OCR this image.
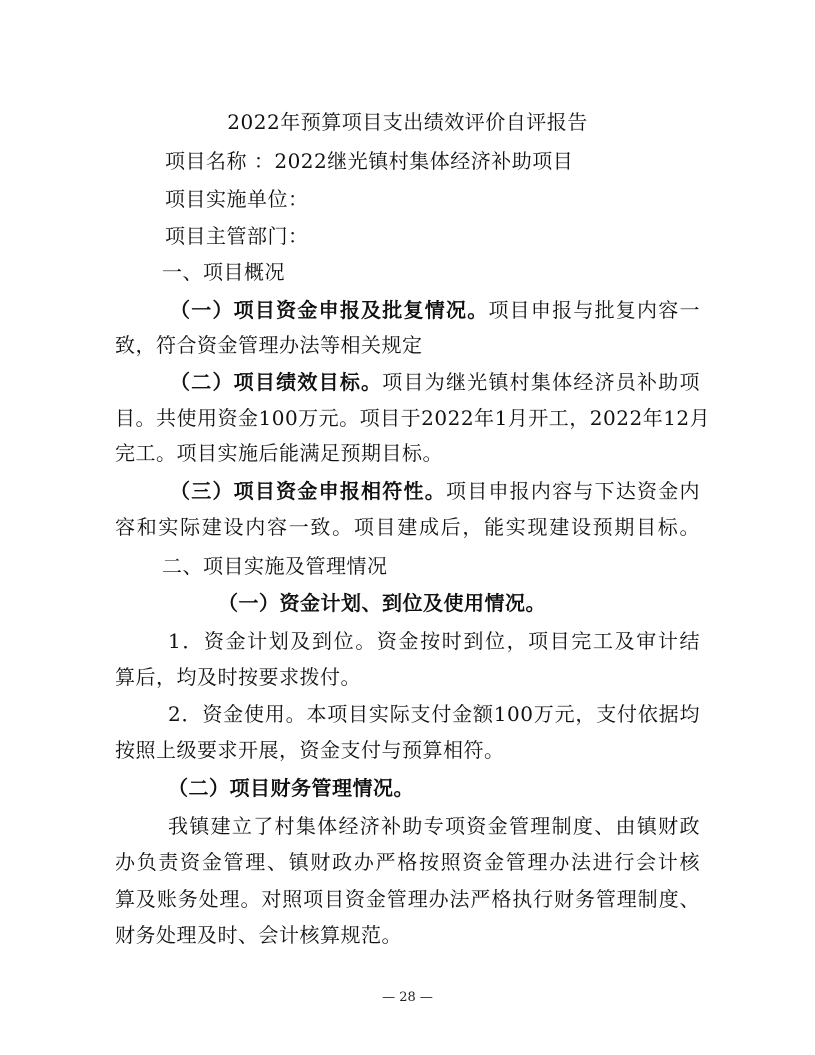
2022年预算项目支出绩效评价自评报告
项目名称 ：2022继光镇村集体经济补助项目
项目实施单位：
项目主管部门：
一、项目概况
（一）项目资金申报及批复情况。项目申报与批复内容一
致，符合资金管理办法等相关规定
（二）项目绩效目标。项目为继光镇村集体经济员补助项
目。共使用资金100万元。项目于2022年1月开工，2022年12月
完工。项目实施后能满足预期目标。
（三）项目资金申报相符性。项目申报内容与下达资金内
容和实际建设内容一致。项目建成后，能实现建设预期目标。
二、项目实施及管理情况
（一）资金计划、到位及使用情况。
1．资金计划及到位。资金按时到位，项目完工及审计结
算后，均及时按要求拨付。
2．资金使用。本项目实际支付金额100万元，支付依据均
按照上级要求开展，资金支付与预算相符。
（二）项目财务管理情况。
我镇建立了村集体经济补助专项资金管理制度、由镇财政
办负责资金管理、镇财政办严格按照资金管理办法进行会计核
算及账务处理。对照项目资金管理办法严格执行财务管理制度、
财务处理及时、会计核算规范。
— 28 —
